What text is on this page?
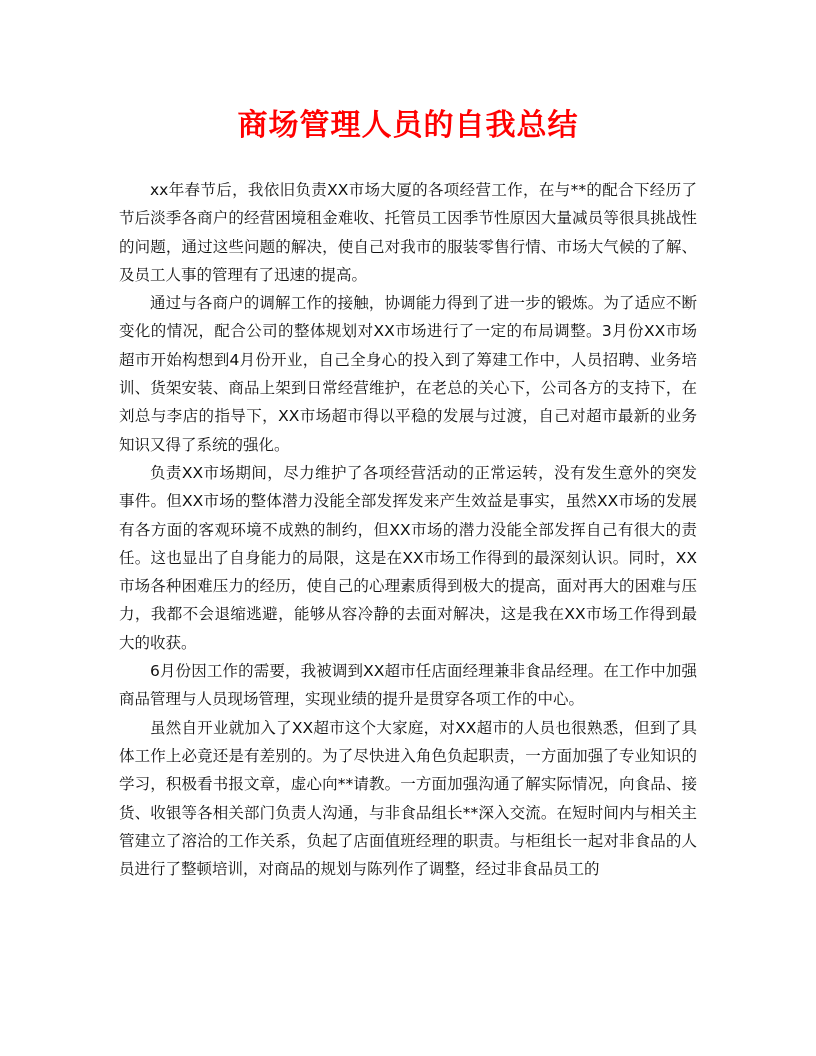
商场管理人员的自我总结

xx年春节后，我依旧负责XX市场大厦的各项经营工作，在与**的配合下经历了节后淡季各商户的经营困境租金难收、托管员工因季节性原因大量减员等很具挑战性的问题，通过这些问题的解决，使自己对我市的服装零售行情、市场大气候的了解、及员工人事的管理有了迅速的提高。

通过与各商户的调解工作的接触，协调能力得到了进一步的锻炼。为了适应不断变化的情况，配合公司的整体规划对XX市场进行了一定的布局调整。3月份XX市场超市开始构想到4月份开业，自己全身心的投入到了筹建工作中，人员招聘、业务培训、货架安装、商品上架到日常经营维护，在老总的关心下，公司各方的支持下，在刘总与李店的指导下，XX市场超市得以平稳的发展与过渡，自己对超市最新的业务知识又得了系统的强化。

负责XX市场期间，尽力维护了各项经营活动的正常运转，没有发生意外的突发事件。但XX市场的整体潜力没能全部发挥发来产生效益是事实，虽然XX市场的发展有各方面的客观环境不成熟的制约，但XX市场的潜力没能全部发挥自己有很大的责任。这也显出了自身能力的局限，这是在XX市场工作得到的最深刻认识。同时，XX市场各种困难压力的经历，使自己的心理素质得到极大的提高，面对再大的困难与压力，我都不会退缩逃避，能够从容冷静的去面对解决，这是我在XX市场工作得到最大的收获。

6月份因工作的需要，我被调到XX超市任店面经理兼非食品经理。在工作中加强商品管理与人员现场管理，实现业绩的提升是贯穿各项工作的中心。

虽然自开业就加入了XX超市这个大家庭，对XX超市的人员也很熟悉，但到了具体工作上必竟还是有差别的。为了尽快进入角色负起职责，一方面加强了专业知识的学习，积极看书报文章，虚心向**请教。一方面加强沟通了解实际情况，向食品、接货、收银等各相关部门负责人沟通，与非食品组长**深入交流。在短时间内与相关主管建立了溶洽的工作关系，负起了店面值班经理的职责。与柜组长一起对非食品的人员进行了整顿培训，对商品的规划与陈列作了调整，经过非食品员工的
